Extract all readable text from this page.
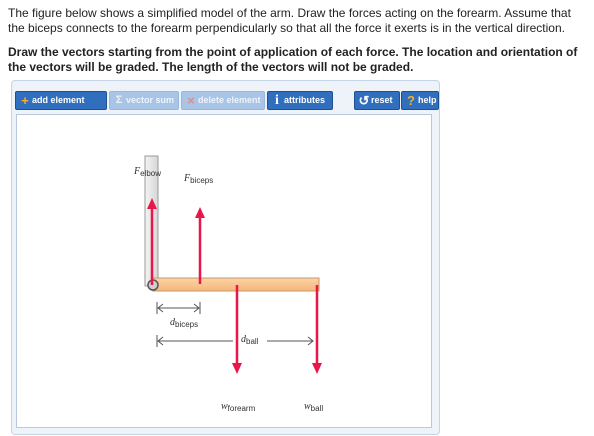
The figure below shows a simplified model of the arm. Draw the forces acting on the forearm. Assume that the biceps connects to the forearm perpendicularly so that all the force it exerts is in the vertical direction.

Draw the vectors starting from the point of application of each force. The location and orientation of the vectors will be graded. The length of the vectors will not be graded.

+ add element	Σ vector sum	× delete element	iattributes	↺ reset	? help
$F_{elbow}$ $F_{biceps}$
$d_{biceps}$
$d_{ball}$
$w_{forearm}$	$w_{ball}$
